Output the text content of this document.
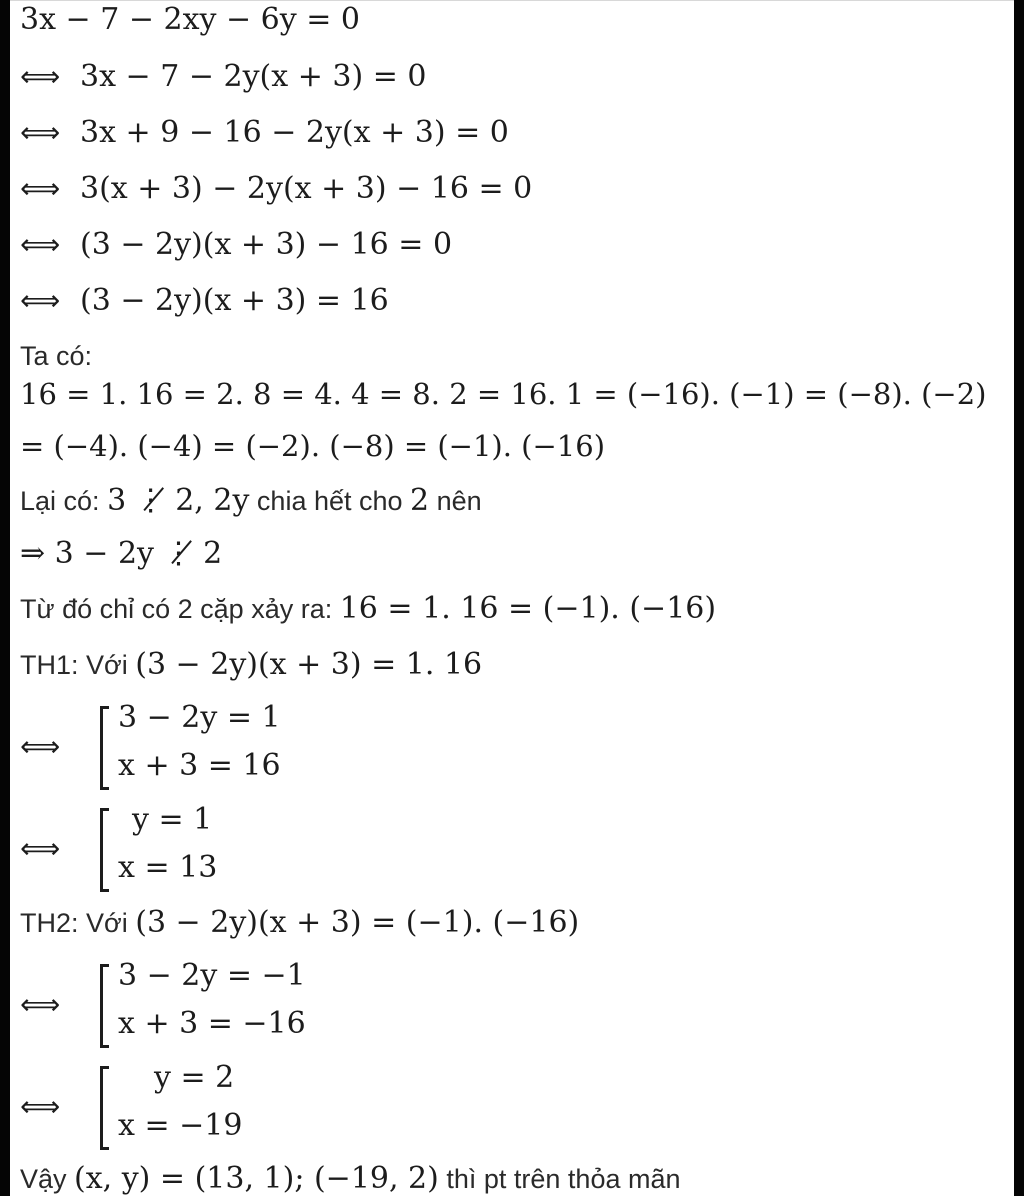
3x − 7 − 2xy − 6y = 0
⟺ 3x − 7 − 2y(x + 3) = 0
⟺ 3x + 9 − 16 − 2y(x + 3) = 0
⟺ 3(x + 3) − 2y(x + 3) − 16 = 0
⟺ (3 − 2y)(x + 3) − 16 = 0
⟺ (3 − 2y)(x + 3) = 16
Ta có:
16 = 1. 16 = 2. 8 = 4. 4 = 8. 2 = 16. 1 = (−16). (−1) = (−8). (−2)
= (−4). (−4) = (−2). (−8) = (−1). (−16)
Lại có: 3 ⋮̸ 2, 2y chia hết cho 2 nên
⇒ 3 − 2y ⋮̸ 2
Từ đó chỉ có 2 cặp xảy ra: 16 = 1. 16 = (−1). (−16)
TH1: Với (3 − 2y)(x + 3) = 1. 16
⟺
3 − 2y = 1
x + 3 = 16
⟺
y = 1
x = 13
TH2: Với (3 − 2y)(x + 3) = (−1). (−16)
⟺
3 − 2y = −1
x + 3 = −16
⟺
y = 2
x = −19
Vậy (x, y) = (13, 1); (−19, 2) thì pt trên thỏa mãn
